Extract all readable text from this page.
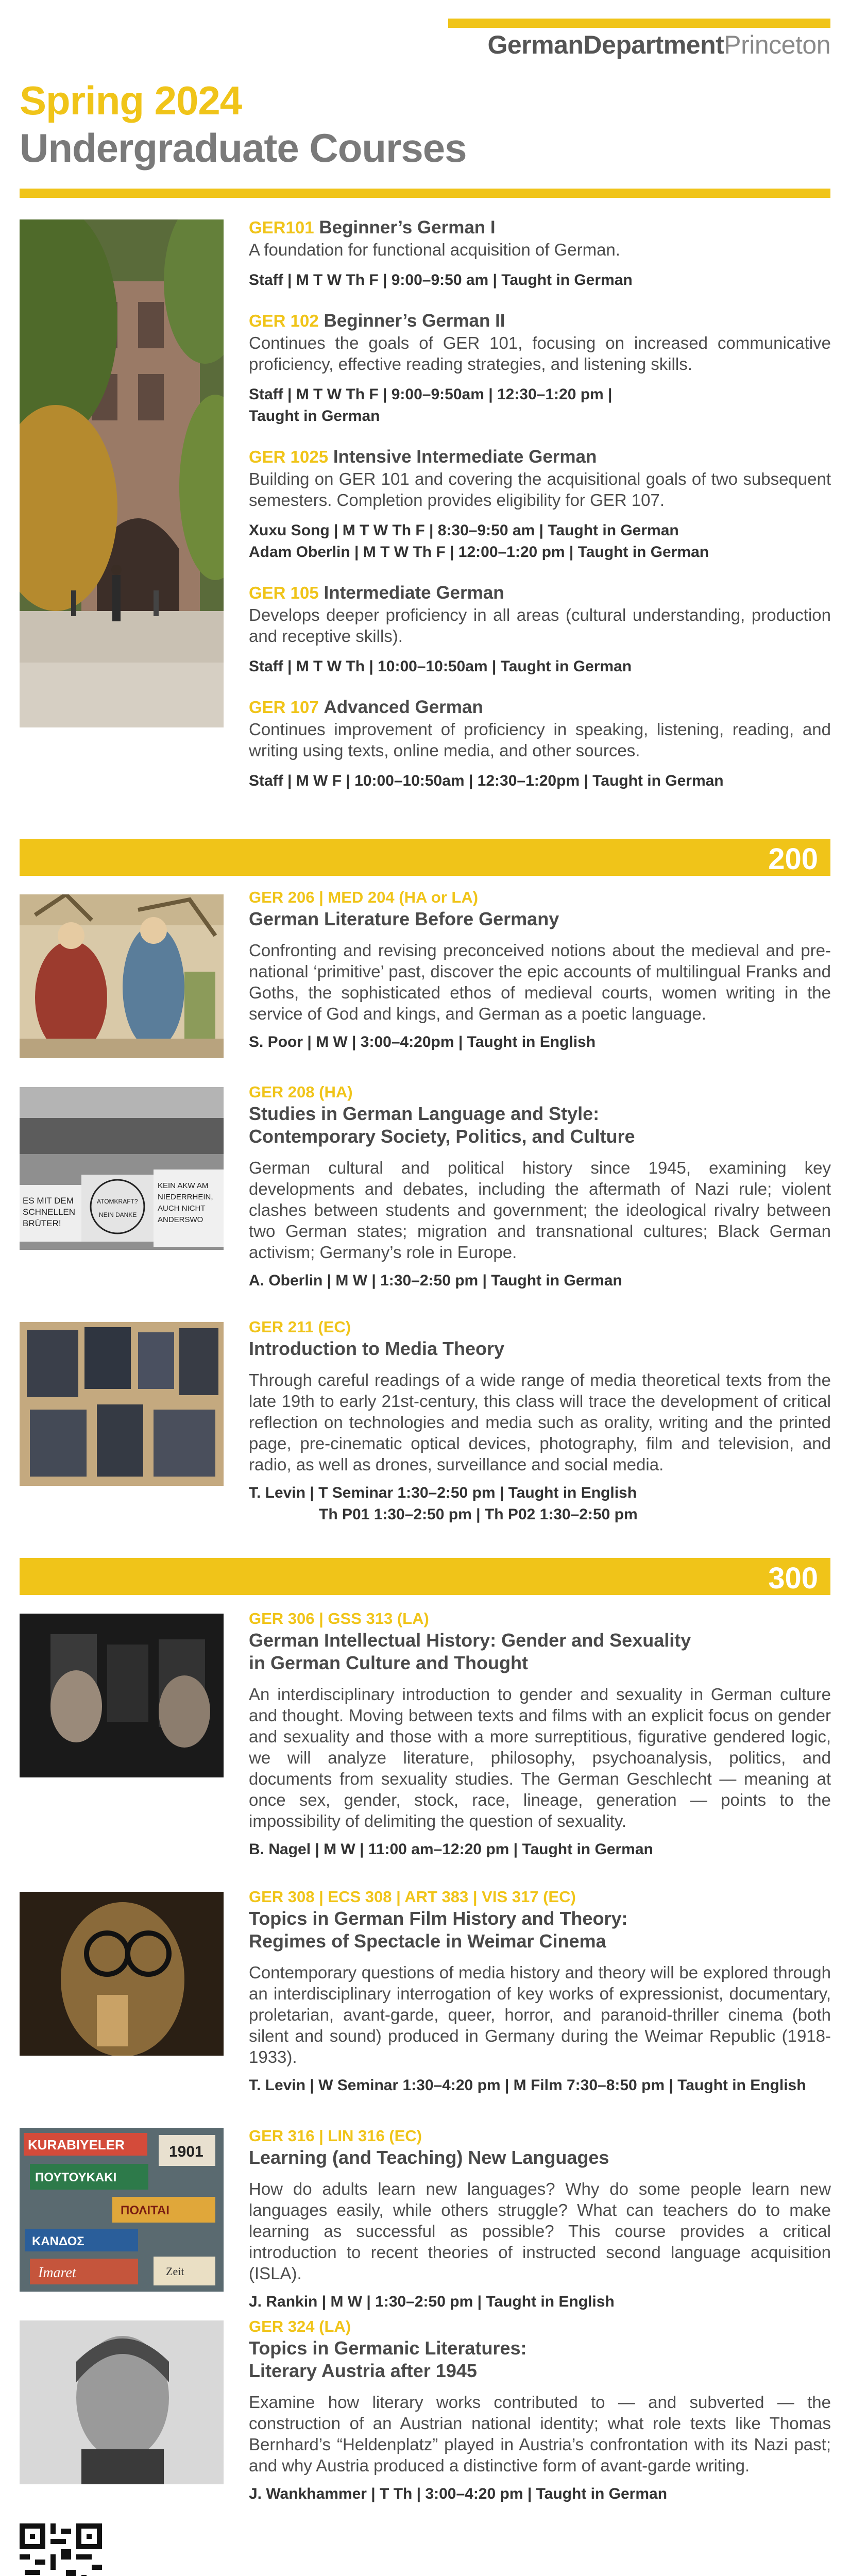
GermanDepartmentPrinceton
Spring 2024
Undergraduate Courses
GER101 Beginner’s German I
A foundation for functional acquisition of German.
Staff | M T W Th F | 9:00–9:50 am | Taught in German
GER 102 Beginner’s German II
Continues the goals of GER 101, focusing on increased communicative proficiency, effective reading strategies, and listening skills.
Staff | M T W Th F | 9:00–9:50am | 12:30–1:20 pm |
Taught in German
GER 1025 Intensive Intermediate German
Building on GER 101 and covering the acquisitional goals of two subsequent semesters. Completion provides eligibility for GER 107.
Xuxu Song | M T W Th F | 8:30–9:50 am | Taught in German
Adam Oberlin | M T W Th F | 12:00–1:20 pm | Taught in German
GER 105 Intermediate German
Develops deeper proficiency in all areas (cultural understanding, production and receptive skills).
Staff | M T W Th | 10:00–10:50am | Taught in German
GER 107 Advanced German
Continues improvement of proficiency in speaking, listening, reading, and writing using texts, online media, and other sources.
Staff | M W F | 10:00–10:50am | 12:30–1:20pm | Taught in German
200
GER 206 | MED 204 (HA or LA)
German Literature Before Germany
Confronting and revising preconceived notions about the medieval and pre-national ‘primitive’ past, discover the epic accounts of multilingual Franks and Goths, the sophisticated ethos of medieval courts, women writing in the service of God and kings, and German as a poetic language.
S. Poor | M W | 3:00–4:20pm | Taught in English
ES MIT DEM SCHNELLEN BRÜTER!
ATOMKRAFT? NEIN DANKE
KEIN AKW AM NIEDERRHEIN, AUCH NICHT ANDERSWO
GER 208 (HA)
Studies in German Language and Style:
Contemporary Society, Politics, and Culture
German cultural and political history since 1945, examining key developments and debates, including the aftermath of Nazi rule; violent clashes between students and government; the ideological rivalry between two German states; migration and transnational cultures; Black German activism; Germany’s role in Europe.
A. Oberlin | M W | 1:30–2:50 pm | Taught in German
GER 211 (EC)
Introduction to Media Theory
Through careful readings of a wide range of media theoretical texts from the late 19th to early 21st-century, this class will trace the development of critical reflection on technologies and media such as orality, writing and the printed page, pre-cinematic optical devices, photography, film and television, and radio, as well as drones, surveillance and social media.
T. Levin | T Seminar 1:30–2:50 pm | Taught in English
Th P01 1:30–2:50 pm | Th P02 1:30–2:50 pm
300
GER 306 | GSS 313 (LA)
German Intellectual History: Gender and Sexuality
in German Culture and Thought
An interdisciplinary introduction to gender and sexuality in German culture and thought. Moving between texts and films with an explicit focus on gender and sexuality and those with a more surreptitious, figurative gendered logic, we will analyze literature, philosophy, psychoanalysis, politics, and documents from sexuality studies. The German Geschlecht — meaning at once sex, gender, stock, race, lineage, generation — points to the impossibility of delimiting the question of sexuality.
B. Nagel | M W | 11:00 am–12:20 pm | Taught in German
GER 308 | ECS 308 | ART 383 | VIS 317 (EC)
Topics in German Film History and Theory:
Regimes of Spectacle in Weimar Cinema
Contemporary questions of media history and theory will be explored through an interdisciplinary interrogation of key works of expressionist, documentary, proletarian, avant-garde, queer, horror, and paranoid-thriller cinema (both silent and sound) produced in Germany during the Weimar Republic (1918-1933).
T. Levin | W Seminar 1:30–4:20 pm | M Film 7:30–8:50 pm | Taught in English
KURABIYELER	1901
ΠΟΥΤΟΥΚΑΚΙ
ΠΟΛΙΤΑΙ
ΚΑΝΔΟΣ
Imaret	Zeit
GER 316 | LIN 316 (EC)
Learning (and Teaching) New Languages
How do adults learn new languages? Why do some people learn new languages easily, while others struggle? What can teachers do to make learning as successful as possible? This course provides a critical introduction to recent theories of instructed second language acquisition (ISLA).
J. Rankin | M W | 1:30–2:50 pm | Taught in English
GER 324 (LA)
Topics in Germanic Literatures:
Literary Austria after 1945
Examine how literary works contributed to — and subverted — the construction of an Austrian national identity; what role texts like Thomas Bernhard’s “Heldenplatz” played in Austria’s confrontation with its Nazi past; and why Austria produced a distinctive form of avant-garde writing.
J. Wankhammer | T Th | 3:00–4:20 pm | Taught in German
